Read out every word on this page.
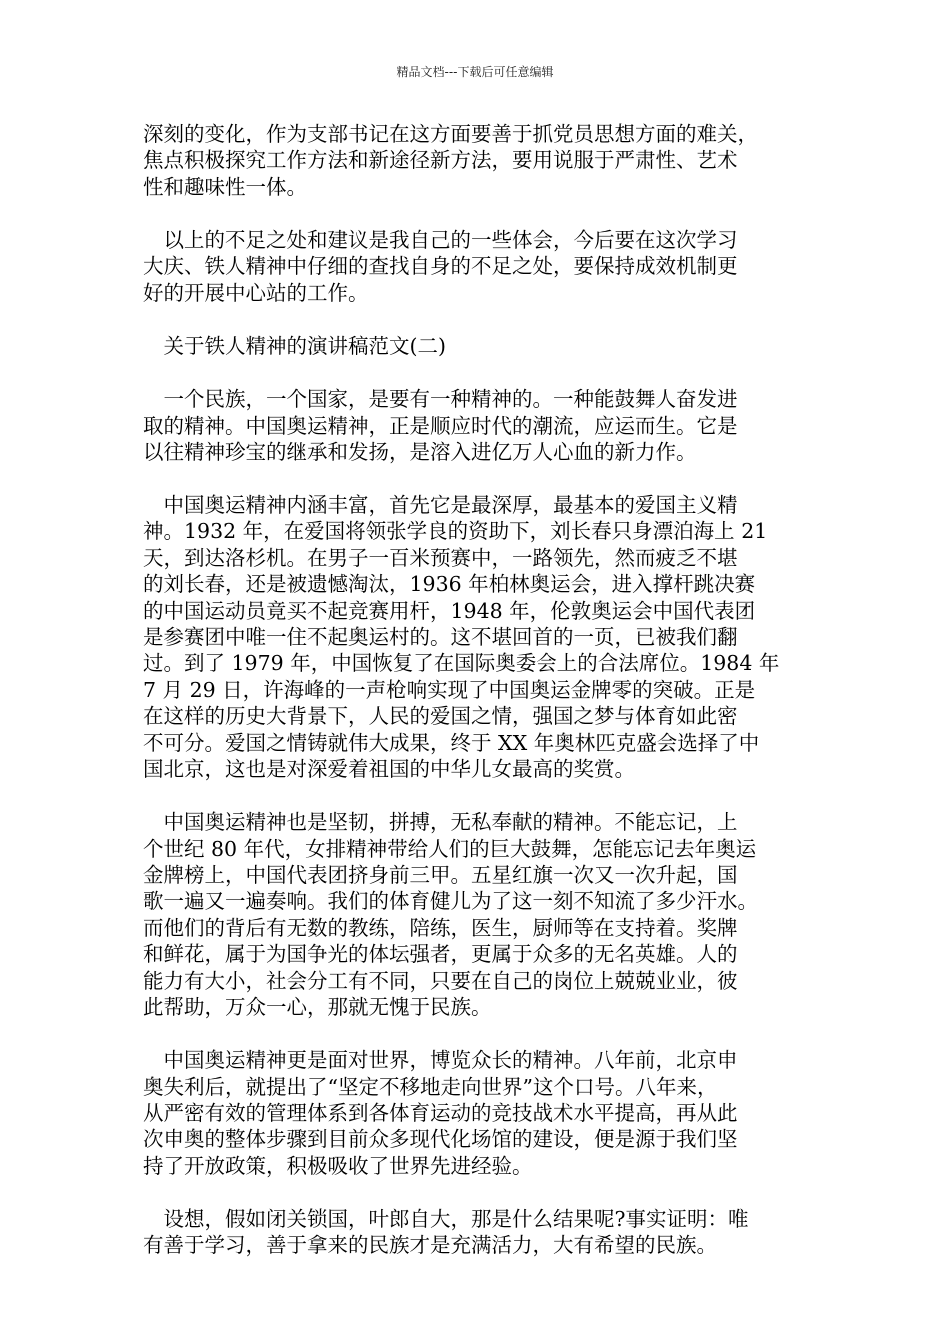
精品文档---下载后可任意编辑
深刻的变化，作为支部书记在这方面要善于抓党员思想方面的难关，
焦点积极探究工作方法和新途径新方法，要用说服于严肃性、艺术
性和趣味性一体。
　以上的不足之处和建议是我自己的一些体会，今后要在这次学习
大庆、铁人精神中仔细的查找自身的不足之处，要保持成效机制更
好的开展中心站的工作。
　关于铁人精神的演讲稿范文(二)
　一个民族，一个国家，是要有一种精神的。一种能鼓舞人奋发进
取的精神。中国奥运精神，正是顺应时代的潮流，应运而生。它是
以往精神珍宝的继承和发扬，是溶入进亿万人心血的新力作。
　中国奥运精神内涵丰富，首先它是最深厚，最基本的爱国主义精
神。1932 年，在爱国将领张学良的资助下，刘长春只身漂泊海上 21
天，到达洛杉机。在男子一百米预赛中，一路领先，然而疲乏不堪
的刘长春，还是被遗憾淘汰，1936 年柏林奥运会，进入撑杆跳决赛
的中国运动员竟买不起竞赛用杆，1948 年，伦敦奥运会中国代表团
是参赛团中唯一住不起奥运村的。这不堪回首的一页，已被我们翻
过。到了 1979 年，中国恢复了在国际奥委会上的合法席位。1984 年
7 月 29 日，许海峰的一声枪响实现了中国奥运金牌零的突破。正是
在这样的历史大背景下，人民的爱国之情，强国之梦与体育如此密
不可分。爱国之情铸就伟大成果，终于 XX 年奥林匹克盛会选择了中
国北京，这也是对深爱着祖国的中华儿女最高的奖赏。
　中国奥运精神也是坚韧，拼搏，无私奉献的精神。不能忘记，上
个世纪 80 年代，女排精神带给人们的巨大鼓舞，怎能忘记去年奥运
金牌榜上，中国代表团挤身前三甲。五星红旗一次又一次升起，国
歌一遍又一遍奏响。我们的体育健儿为了这一刻不知流了多少汗水。
而他们的背后有无数的教练，陪练，医生，厨师等在支持着。奖牌
和鲜花，属于为国争光的体坛强者，更属于众多的无名英雄。人的
能力有大小，社会分工有不同，只要在自己的岗位上兢兢业业，彼
此帮助，万众一心，那就无愧于民族。
　中国奥运精神更是面对世界，博览众长的精神。八年前，北京申
奥失利后，就提出了“坚定不移地走向世界”这个口号。八年来，
从严密有效的管理体系到各体育运动的竞技战术水平提高，再从此
次申奥的整体步骤到目前众多现代化场馆的建设，便是源于我们坚
持了开放政策，积极吸收了世界先进经验。
　设想，假如闭关锁国，叶郎自大，那是什么结果呢?事实证明：唯
有善于学习，善于拿来的民族才是充满活力，大有希望的民族。
